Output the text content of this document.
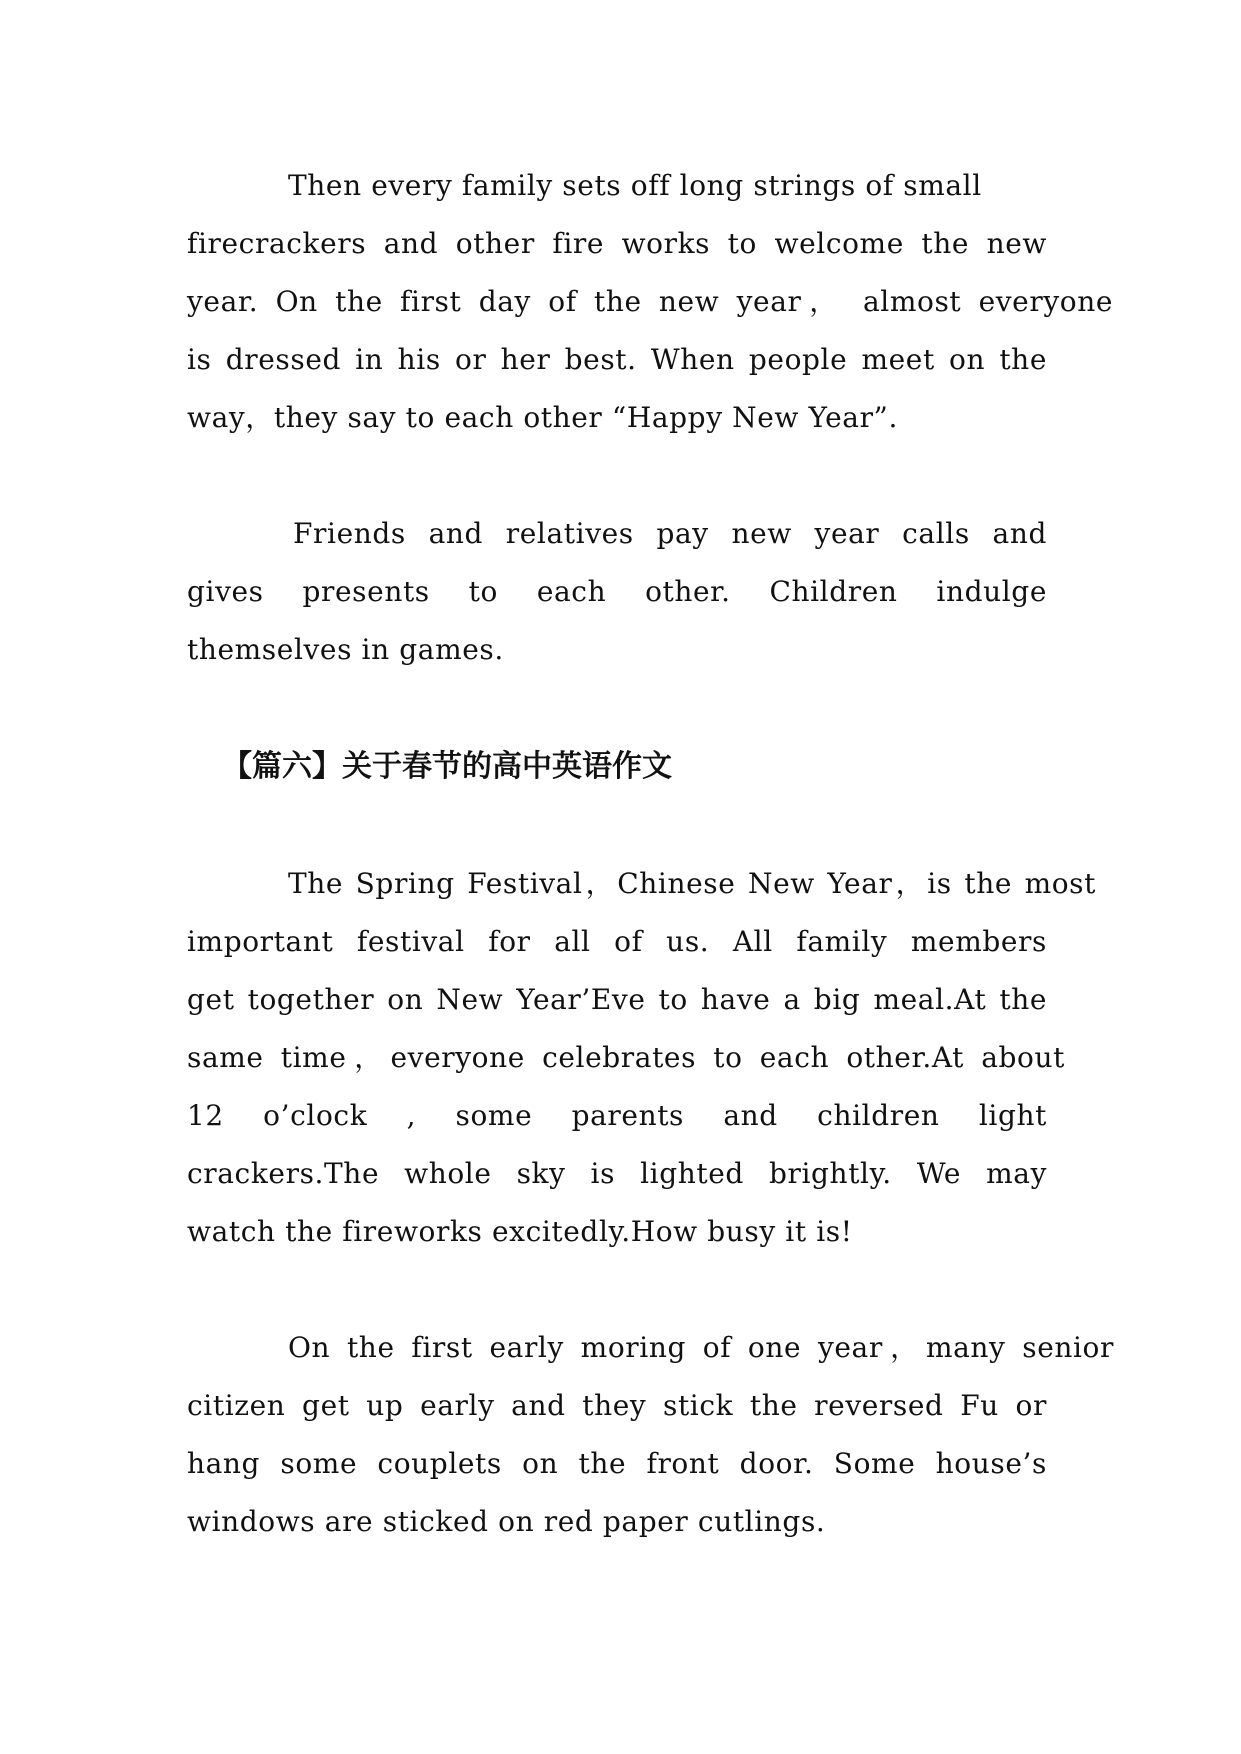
Then every family sets off long strings of small

firecrackers and other fire works to welcome the new

year. On the first day of the new year， almost everyone

is dressed in his or her best. When people meet on the

way，they say to each other “Happy New Year”.

Friends and relatives pay new year calls and

gives presents to each other. Children indulge

themselves in games.

【篇六】关于春节的高中英语作文

The Spring Festival，Chinese New Year，is the most

important festival for all of us. All family members

get together on New Year’Eve to have a big meal.At the

same time，everyone celebrates to each other.At about

12 o’clock , some parents and children light

crackers.The whole sky is lighted brightly. We may

watch the fireworks excitedly.How busy it is!

On the first early moring of one year，many senior

citizen get up early and they stick the reversed Fu or

hang some couplets on the front door. Some house’s

windows are sticked on red paper cutlings.
